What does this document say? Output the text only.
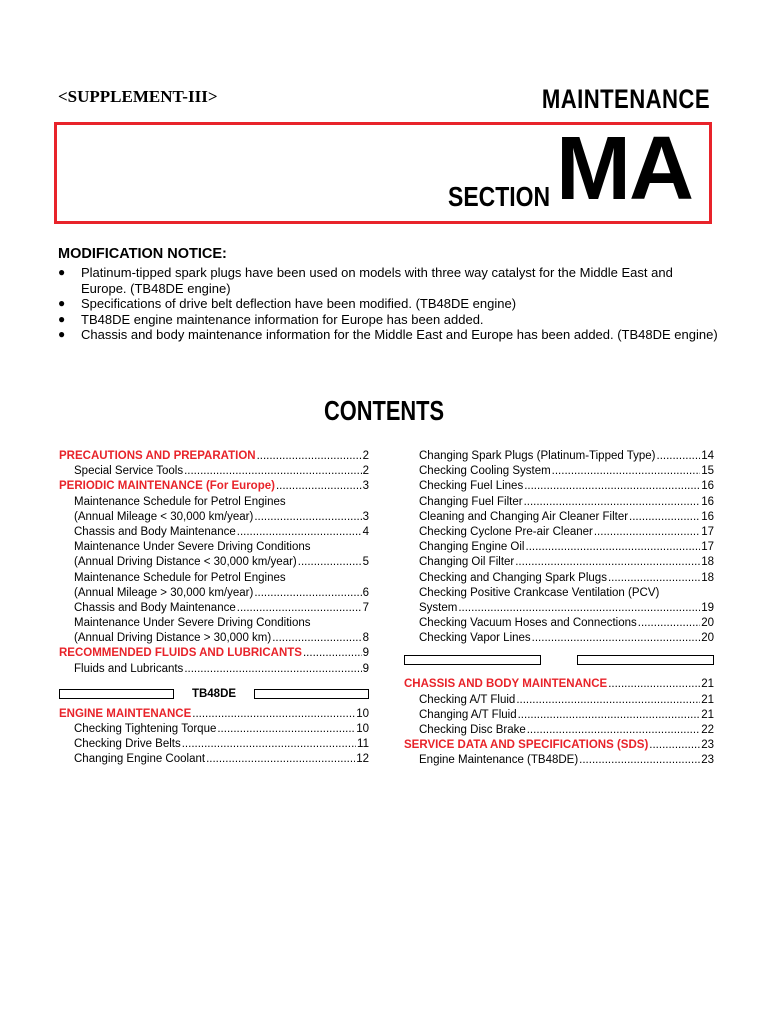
<SUPPLEMENT-III>	MAINTENANCE
SECTION MA
MODIFICATION NOTICE:
● Platinum-tipped spark plugs have been used on models with three way catalyst for the Middle East and Europe. (TB48DE engine)
● Specifications of drive belt deflection have been modified. (TB48DE engine)
● TB48DE engine maintenance information for Europe has been added.
● Chassis and body maintenance information for the Middle East and Europe has been added. (TB48DE engine)
CONTENTS
PRECAUTIONS AND PREPARATION .....	2
Special Service Tools .....	2
PERIODIC MAINTENANCE (For Europe) .....	3
Maintenance Schedule for Petrol Engines
(Annual Mileage < 30,000 km/year) .....	3
Chassis and Body Maintenance .....	4
Maintenance Under Severe Driving Conditions
(Annual Driving Distance < 30,000 km/year) .....	5
Maintenance Schedule for Petrol Engines
(Annual Mileage > 30,000 km/year) .....	6
Chassis and Body Maintenance .....	7
Maintenance Under Severe Driving Conditions
(Annual Driving Distance > 30,000 km) .....	8
RECOMMENDED FLUIDS AND LUBRICANTS .....	9
Fluids and Lubricants .....	9
TB48DE
ENGINE MAINTENANCE .....	10
Checking Tightening Torque .....	10
Checking Drive Belts .....	11
Changing Engine Coolant .....	12
Changing Spark Plugs (Platinum-Tipped Type) .....	14
Checking Cooling System .....	15
Checking Fuel Lines .....	16
Changing Fuel Filter .....	16
Cleaning and Changing Air Cleaner Filter .....	16
Checking Cyclone Pre-air Cleaner .....	17
Changing Engine Oil .....	17
Changing Oil Filter .....	18
Checking and Changing Spark Plugs .....	18
Checking Positive Crankcase Ventilation (PCV)
System .....	19
Checking Vacuum Hoses and Connections .....	20
Checking Vapor Lines .....	20
CHASSIS AND BODY MAINTENANCE .....	21
Checking A/T Fluid .....	21
Changing A/T Fluid .....	21
Checking Disc Brake .....	22
SERVICE DATA AND SPECIFICATIONS (SDS) .....	23
Engine Maintenance (TB48DE) .....	23
